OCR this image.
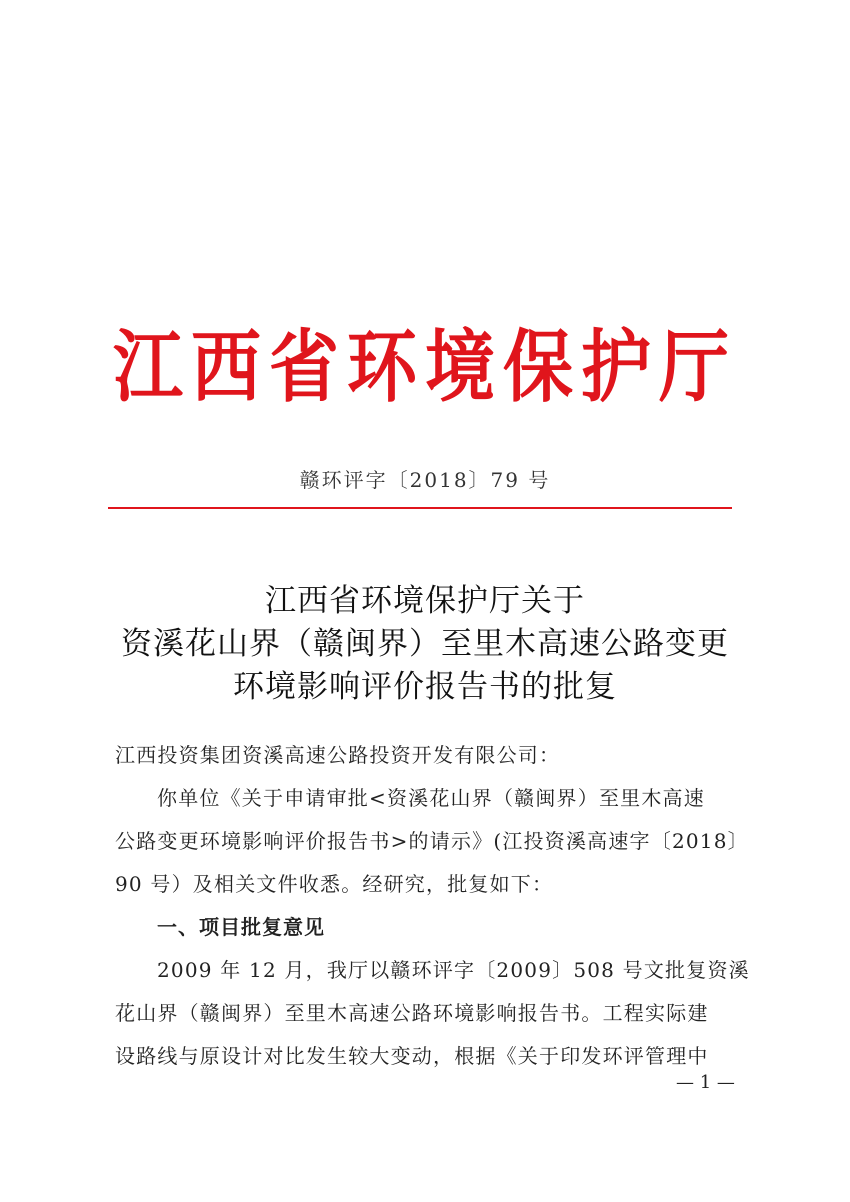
江西省环境保护厅
赣环评字〔2018〕79 号
江西省环境保护厅关于
资溪花山界（赣闽界）至里木高速公路变更
环境影响评价报告书的批复
江西投资集团资溪高速公路投资开发有限公司：
你单位《关于申请审批<资溪花山界（赣闽界）至里木高速
公路变更环境影响评价报告书>的请示》(江投资溪高速字〔2018〕
90 号）及相关文件收悉。经研究，批复如下：
一、项目批复意见
2009 年 12 月，我厅以赣环评字〔2009〕508 号文批复资溪
花山界（赣闽界）至里木高速公路环境影响报告书。工程实际建
设路线与原设计对比发生较大变动，根据《关于印发环评管理中
— 1 —
